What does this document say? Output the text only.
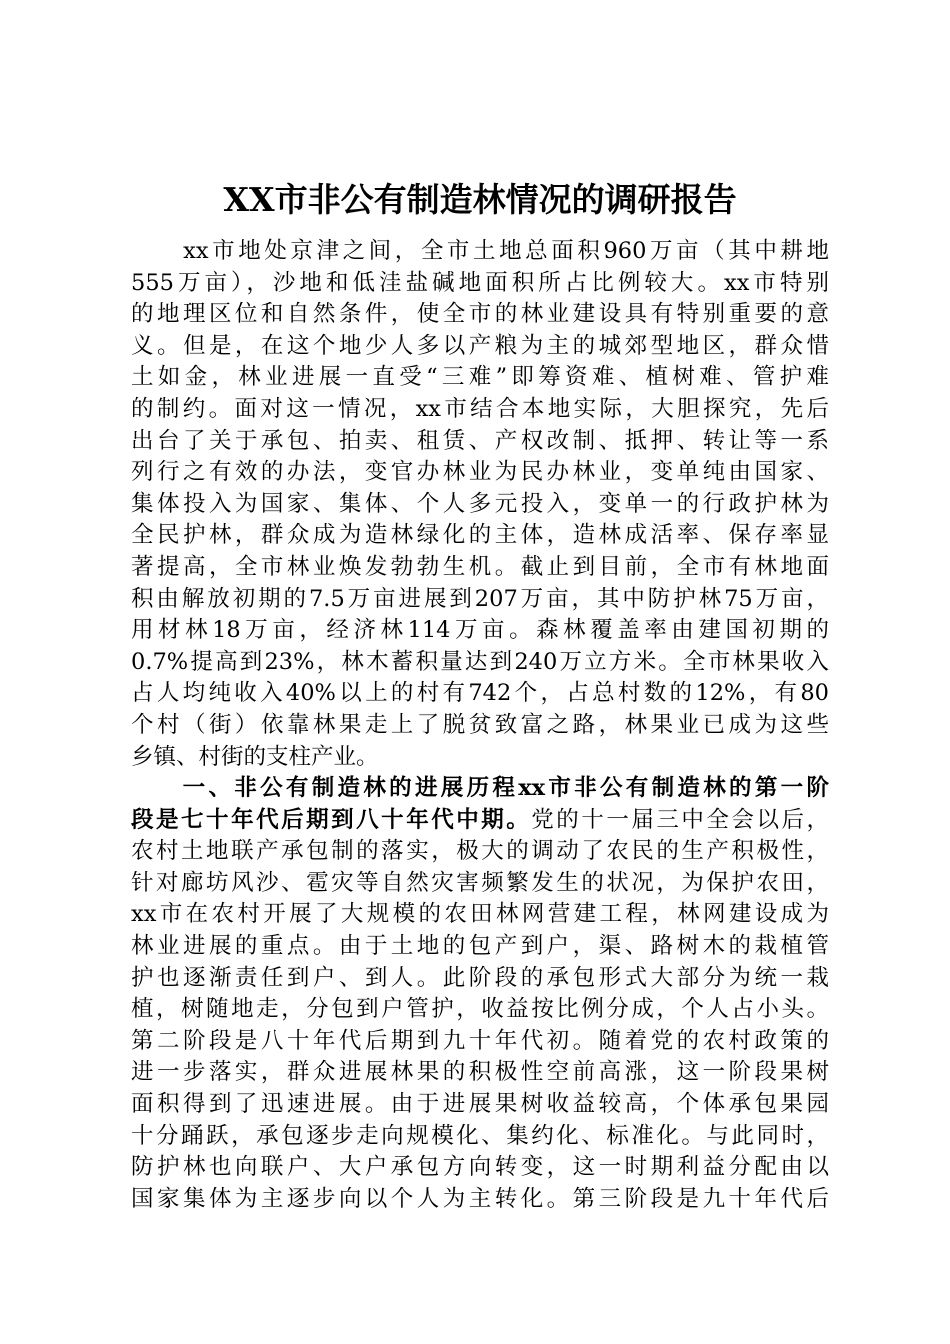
XX市非公有制造林情况的调研报告
　　xx市地处京津之间，全市土地总面积960万亩（其中耕地
555万亩），沙地和低洼盐碱地面积所占比例较大。xx市特别
的地理区位和自然条件，使全市的林业建设具有特别重要的意
义。但是，在这个地少人多以产粮为主的城郊型地区，群众惜
土如金，林业进展一直受“三难”即筹资难、植树难、管护难
的制约。面对这一情况，xx市结合本地实际，大胆探究，先后
出台了关于承包、拍卖、租赁、产权改制、抵押、转让等一系
列行之有效的办法，变官办林业为民办林业，变单纯由国家、
集体投入为国家、集体、个人多元投入，变单一的行政护林为
全民护林，群众成为造林绿化的主体，造林成活率、保存率显
著提高，全市林业焕发勃勃生机。截止到目前，全市有林地面
积由解放初期的7.5万亩进展到207万亩，其中防护林75万亩，
用材林18万亩，经济林114万亩。森林覆盖率由建国初期的
0.7%提高到23%，林木蓄积量达到240万立方米。全市林果收入
占人均纯收入40%以上的村有742个，占总村数的12%，有80
个村（街）依靠林果走上了脱贫致富之路，林果业已成为这些
乡镇、村街的支柱产业。
　　一、非公有制造林的进展历程xx市非公有制造林的第一阶
段是七十年代后期到八十年代中期。党的十一届三中全会以后，
农村土地联产承包制的落实，极大的调动了农民的生产积极性，
针对廊坊风沙、雹灾等自然灾害频繁发生的状况，为保护农田，
xx市在农村开展了大规模的农田林网营建工程，林网建设成为
林业进展的重点。由于土地的包产到户，渠、路树木的栽植管
护也逐渐责任到户、到人。此阶段的承包形式大部分为统一栽
植，树随地走，分包到户管护，收益按比例分成，个人占小头。
第二阶段是八十年代后期到九十年代初。随着党的农村政策的
进一步落实，群众进展林果的积极性空前高涨，这一阶段果树
面积得到了迅速进展。由于进展果树收益较高，个体承包果园
十分踊跃，承包逐步走向规模化、集约化、标准化。与此同时，
防护林也向联户、大户承包方向转变，这一时期利益分配由以
国家集体为主逐步向以个人为主转化。第三阶段是九十年代后
